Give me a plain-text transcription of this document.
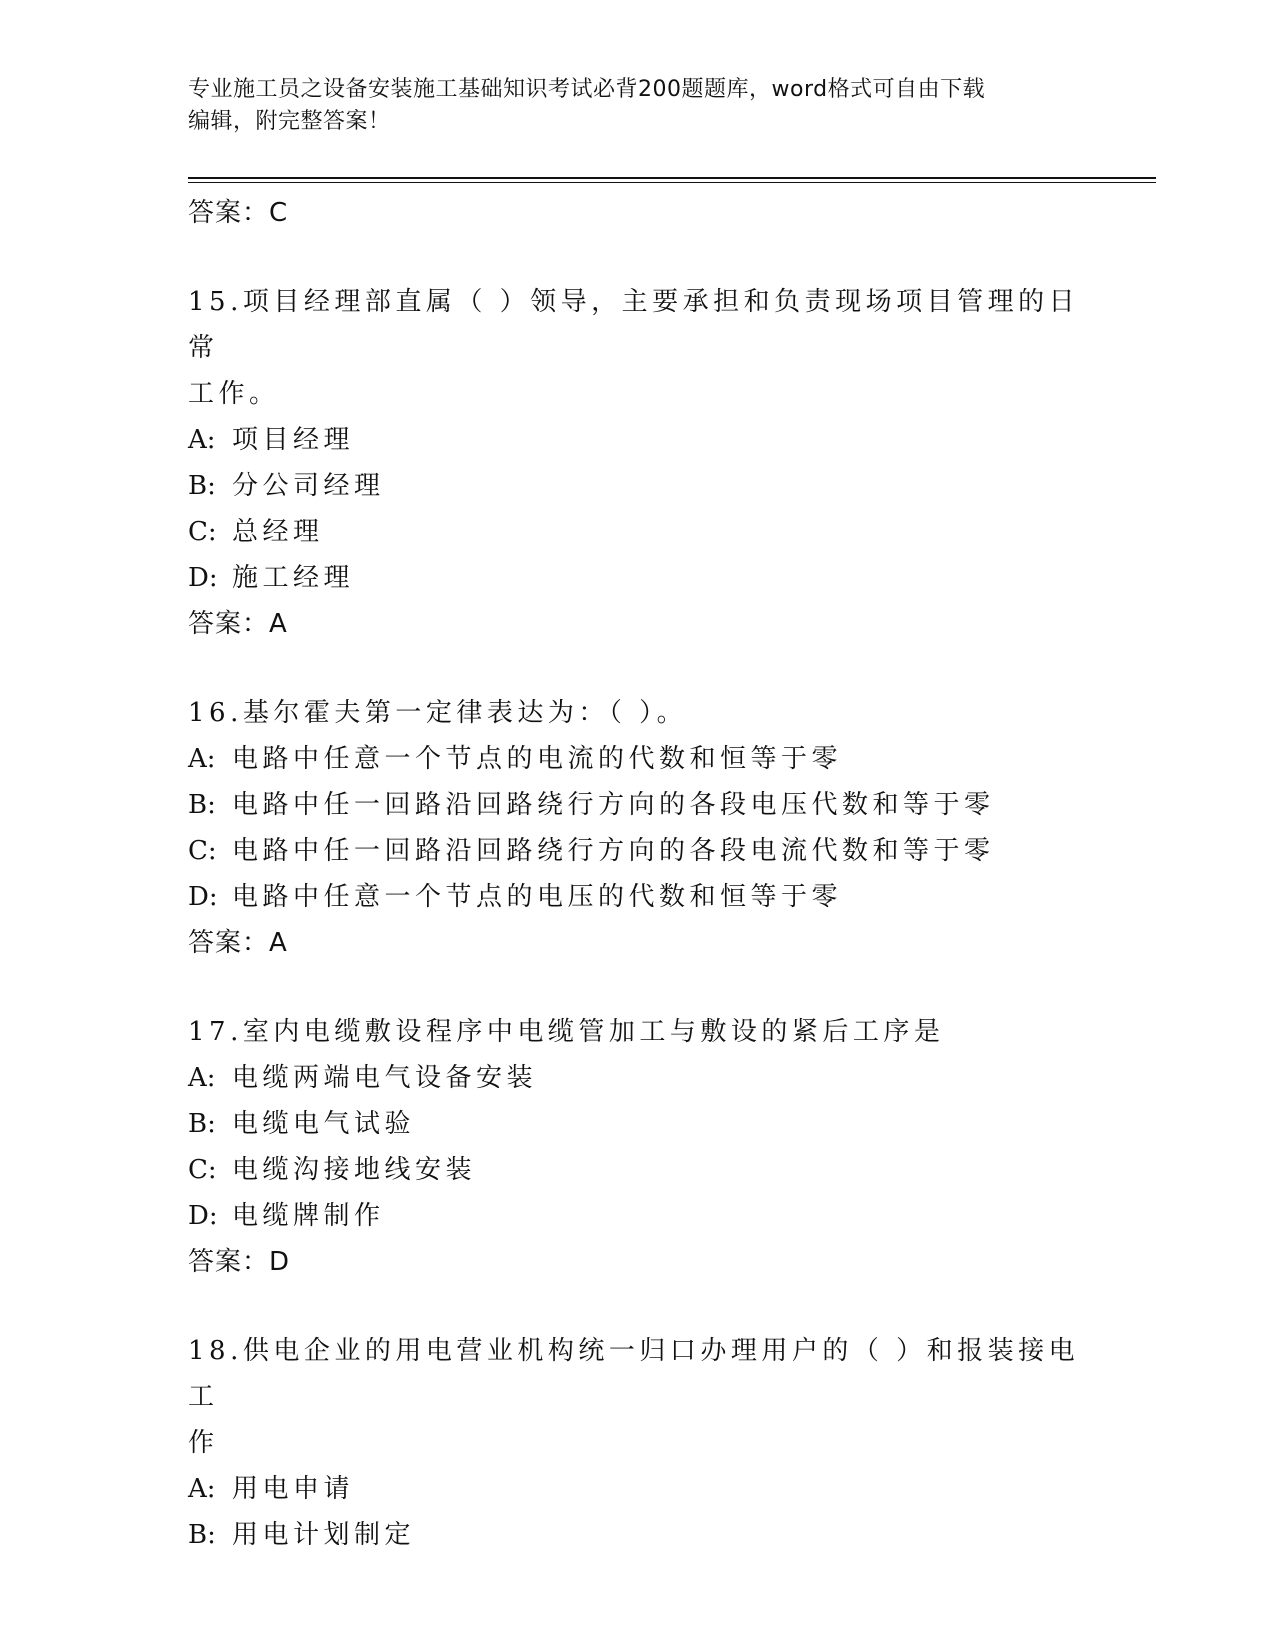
专业施工员之设备安装施工基础知识考试必背200题题库，word格式可自由下载
编辑，附完整答案！
答案：C
15.项目经理部直属（ ）领导，主要承担和负责现场项目管理的日常
工作。
A: 项目经理
B: 分公司经理
C: 总经理
D: 施工经理
答案：A
16.基尔霍夫第一定律表达为：（ ）。
A: 电路中任意一个节点的电流的代数和恒等于零
B: 电路中任一回路沿回路绕行方向的各段电压代数和等于零
C: 电路中任一回路沿回路绕行方向的各段电流代数和等于零
D: 电路中任意一个节点的电压的代数和恒等于零
答案：A
17.室内电缆敷设程序中电缆管加工与敷设的紧后工序是
A: 电缆两端电气设备安装
B: 电缆电气试验
C: 电缆沟接地线安装
D: 电缆牌制作
答案：D
18.供电企业的用电营业机构统一归口办理用户的（ ）和报装接电工
作
A: 用电申请
B: 用电计划制定
